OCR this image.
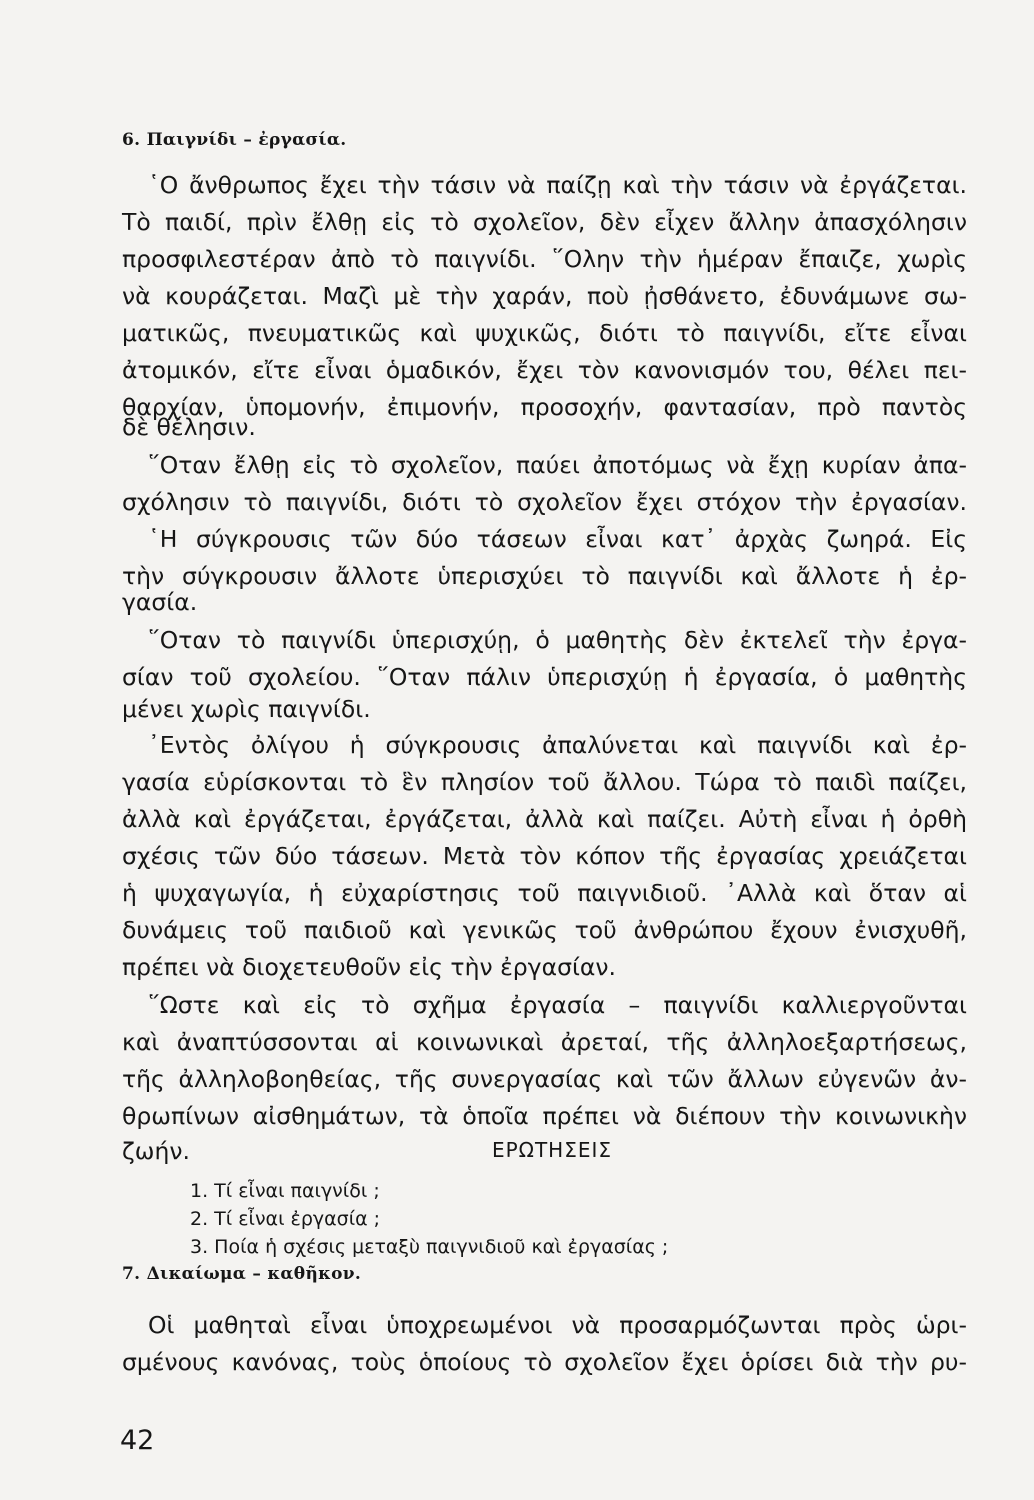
6. Παιγνίδι – ἐργασία.

῾Ο ἄνθρωπος ἔχει τὴν τάσιν νὰ παίζῃ καὶ τὴν τάσιν νὰ ἐργάζεται.

Τὸ παιδί, πρὶν ἔλθῃ εἰς τὸ σχολεῖον, δὲν εἶχεν ἄλλην ἀπασχόλησιν

προσφιλεστέραν ἀπὸ τὸ παιγνίδι. ῞Ολην τὴν ἡμέραν ἔπαιζε, χωρὶς

νὰ κουράζεται. Μαζὶ μὲ τὴν χαράν, ποὺ ᾐσθάνετο, ἐδυνάμωνε σω-

ματικῶς, πνευματικῶς καὶ ψυχικῶς, διότι τὸ παιγνίδι, εἴτε εἶναι

ἀτομικόν, εἴτε εἶναι ὁμαδικόν, ἔχει τὸν κανονισμόν του, θέλει πει-

θαρχίαν, ὑπομονήν, ἐπιμονήν, προσοχήν, φαντασίαν, πρὸ παντὸς

δὲ θέλησιν.

῞Οταν ἔλθῃ εἰς τὸ σχολεῖον, παύει ἀποτόμως νὰ ἔχῃ κυρίαν ἀπα-

σχόλησιν τὸ παιγνίδι, διότι τὸ σχολεῖον ἔχει στόχον τὴν ἐργασίαν.

῾Η σύγκρουσις τῶν δύο τάσεων εἶναι κατ᾽ ἀρχὰς ζωηρά. Εἰς

τὴν σύγκρουσιν ἄλλοτε ὑπερισχύει τὸ παιγνίδι καὶ ἄλλοτε ἡ ἐρ-

γασία.

῞Οταν τὸ παιγνίδι ὑπερισχύῃ, ὁ μαθητὴς δὲν ἐκτελεῖ τὴν ἐργα-

σίαν τοῦ σχολείου. ῞Οταν πάλιν ὑπερισχύῃ ἡ ἐργασία, ὁ μαθητὴς

μένει χωρὶς παιγνίδι.

᾽Εντὸς ὀλίγου ἡ σύγκρουσις ἀπαλύνεται καὶ παιγνίδι καὶ ἐρ-

γασία εὑρίσκονται τὸ ἓν πλησίον τοῦ ἄλλου. Τώρα τὸ παιδὶ παίζει,

ἀλλὰ καὶ ἐργάζεται, ἐργάζεται, ἀλλὰ καὶ παίζει. Αὐτὴ εἶναι ἡ ὀρθὴ

σχέσις τῶν δύο τάσεων. Μετὰ τὸν κόπον τῆς ἐργασίας χρειάζεται

ἡ ψυχαγωγία, ἡ εὐχαρίστησις τοῦ παιγνιδιοῦ. ᾽Αλλὰ καὶ ὅταν αἱ

δυνάμεις τοῦ παιδιοῦ καὶ γενικῶς τοῦ ἀνθρώπου ἔχουν ἐνισχυθῆ,

πρέπει νὰ διοχετευθοῦν εἰς τὴν ἐργασίαν.

῞Ωστε καὶ εἰς τὸ σχῆμα ἐργασία – παιγνίδι καλλιεργοῦνται

καὶ ἀναπτύσσονται αἱ κοινωνικαὶ ἀρεταί, τῆς ἀλληλοεξαρτήσεως,

τῆς ἀλληλοβοηθείας, τῆς συνεργασίας καὶ τῶν ἄλλων εὐγενῶν ἀν-

θρωπίνων αἰσθημάτων, τὰ ὁποῖα πρέπει νὰ διέπουν τὴν κοινωνικὴν

ζωήν.	ΕΡΩΤΗΣΕΙΣ

1. Τί εἶναι παιγνίδι ;

2. Τί εἶναι ἐργασία ;

3. Ποία ἡ σχέσις μεταξὺ παιγνιδιοῦ καὶ ἐργασίας ;

7. Δικαίωμα – καθῆκον.

Οἱ μαθηταὶ εἶναι ὑποχρεωμένοι νὰ προσαρμόζωνται πρὸς ὡρι-

σμένους κανόνας, τοὺς ὁποίους τὸ σχολεῖον ἔχει ὁρίσει διὰ τὴν ρυ-

42
